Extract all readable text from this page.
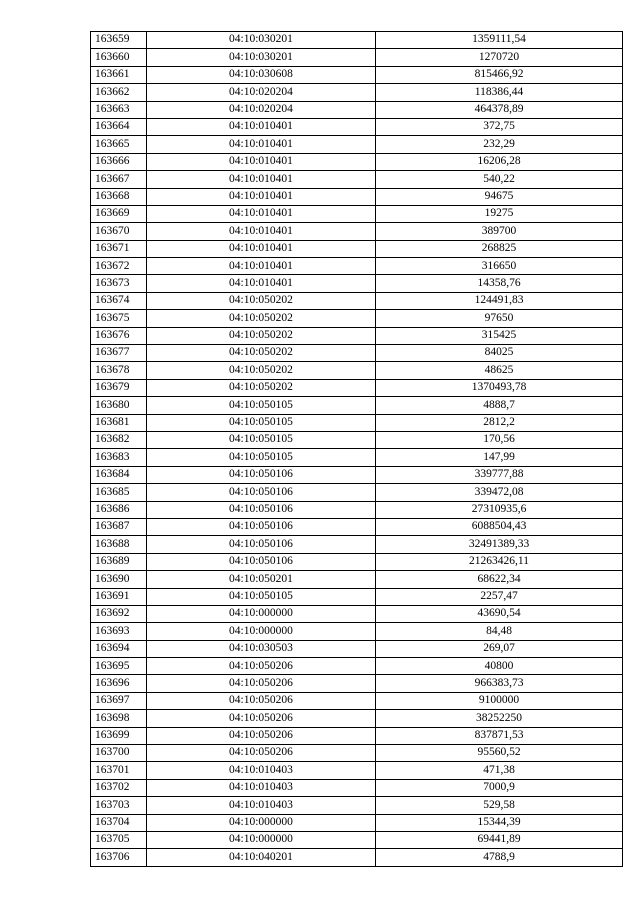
163659	04:10:030201	1359111,54
163660	04:10:030201	1270720
163661	04:10:030608	815466,92
163662	04:10:020204	118386,44
163663	04:10:020204	464378,89
163664	04:10:010401	372,75
163665	04:10:010401	232,29
163666	04:10:010401	16206,28
163667	04:10:010401	540,22
163668	04:10:010401	94675
163669	04:10:010401	19275
163670	04:10:010401	389700
163671	04:10:010401	268825
163672	04:10:010401	316650
163673	04:10:010401	14358,76
163674	04:10:050202	124491,83
163675	04:10:050202	97650
163676	04:10:050202	315425
163677	04:10:050202	84025
163678	04:10:050202	48625
163679	04:10:050202	1370493,78
163680	04:10:050105	4888,7
163681	04:10:050105	2812,2
163682	04:10:050105	170,56
163683	04:10:050105	147,99
163684	04:10:050106	339777,88
163685	04:10:050106	339472,08
163686	04:10:050106	27310935,6
163687	04:10:050106	6088504,43
163688	04:10:050106	32491389,33
163689	04:10:050106	21263426,11
163690	04:10:050201	68622,34
163691	04:10:050105	2257,47
163692	04:10:000000	43690,54
163693	04:10:000000	84,48
163694	04:10:030503	269,07
163695	04:10:050206	40800
163696	04:10:050206	966383,73
163697	04:10:050206	9100000
163698	04:10:050206	38252250
163699	04:10:050206	837871,53
163700	04:10:050206	95560,52
163701	04:10:010403	471,38
163702	04:10:010403	7000,9
163703	04:10:010403	529,58
163704	04:10:000000	15344,39
163705	04:10:000000	69441,89
163706	04:10:040201	4788,9
